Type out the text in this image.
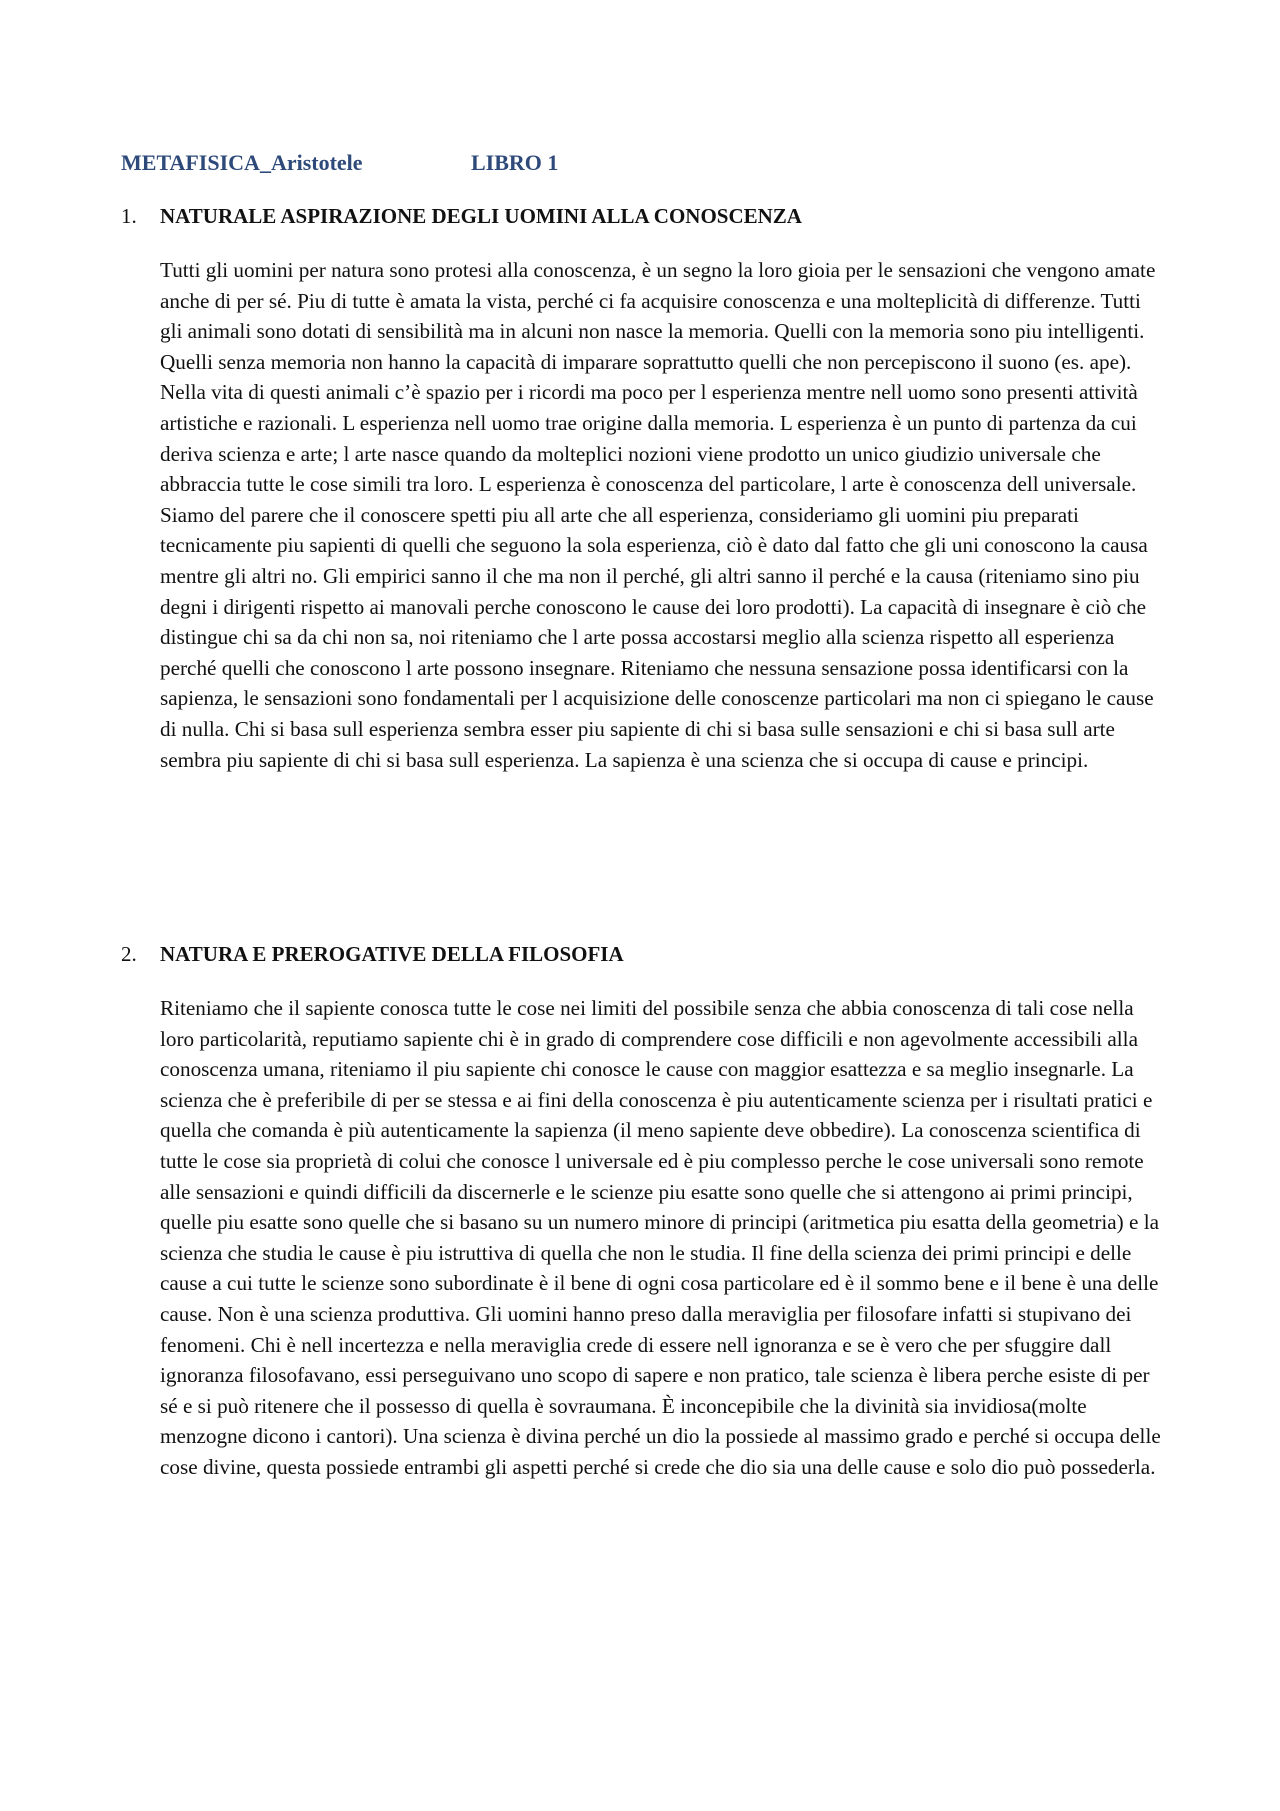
METAFISICA_Aristotele	LIBRO 1
1. NATURALE ASPIRAZIONE DEGLI UOMINI ALLA CONOSCENZA
Tutti gli uomini per natura sono protesi alla conoscenza, è un segno la loro gioia per le sensazioni che vengono amate anche di per sé. Piu di tutte è amata la vista, perché ci fa acquisire conoscenza e una molteplicità di differenze. Tutti gli animali sono dotati di sensibilità ma in alcuni non nasce la memoria. Quelli con la memoria sono piu intelligenti. Quelli senza memoria non hanno la capacità di imparare soprattutto quelli che non percepiscono il suono (es. ape). Nella vita di questi animali c’è spazio per i ricordi ma poco per l esperienza mentre nell uomo sono presenti attività artistiche e razionali. L esperienza nell uomo trae origine dalla memoria. L esperienza è un punto di partenza da cui deriva scienza e arte; l arte nasce quando da molteplici nozioni viene prodotto un unico giudizio universale che abbraccia tutte le cose simili tra loro. L esperienza è conoscenza del particolare, l arte è conoscenza dell universale. Siamo del parere che il conoscere spetti piu all arte che all esperienza, consideriamo gli uomini piu preparati tecnicamente piu sapienti di quelli che seguono la sola esperienza, ciò è dato dal fatto che gli uni conoscono la causa mentre gli altri no. Gli empirici sanno il che ma non il perché, gli altri sanno il perché e la causa (riteniamo sino piu degni i dirigenti rispetto ai manovali perche conoscono le cause dei loro prodotti). La capacità di insegnare è ciò che distingue chi sa da chi non sa, noi riteniamo che l arte possa accostarsi meglio alla scienza rispetto all esperienza perché quelli che conoscono l arte possono insegnare. Riteniamo che nessuna sensazione possa identificarsi con la sapienza, le sensazioni sono fondamentali per l acquisizione delle conoscenze particolari ma non ci spiegano le cause di nulla. Chi si basa sull esperienza sembra esser piu sapiente di chi si basa sulle sensazioni e chi si basa sull arte sembra piu sapiente di chi si basa sull esperienza. La sapienza è una scienza che si occupa di cause e principi.
2. NATURA E PREROGATIVE DELLA FILOSOFIA
Riteniamo che il sapiente conosca tutte le cose nei limiti del possibile senza che abbia conoscenza di tali cose nella loro particolarità, reputiamo sapiente chi è in grado di comprendere cose difficili e non agevolmente accessibili alla conoscenza umana, riteniamo il piu sapiente chi conosce le cause con maggior esattezza e sa meglio insegnarle. La scienza che è preferibile di per se stessa e ai fini della conoscenza è piu autenticamente scienza per i risultati pratici e quella che comanda è più autenticamente la sapienza (il meno sapiente deve obbedire). La conoscenza scientifica di tutte le cose sia proprietà di colui che conosce l universale ed è piu complesso perche le cose universali sono remote alle sensazioni e quindi difficili da discernerle e le scienze piu esatte sono quelle che si attengono ai primi principi, quelle piu esatte sono quelle che si basano su un numero minore di principi (aritmetica piu esatta della geometria) e la scienza che studia le cause è piu istruttiva di quella che non le studia. Il fine della scienza dei primi principi e delle cause a cui tutte le scienze sono subordinate è il bene di ogni cosa particolare ed è il sommo bene e il bene è una delle cause. Non è una scienza produttiva. Gli uomini hanno preso dalla meraviglia per filosofare infatti si stupivano dei fenomeni. Chi è nell incertezza e nella meraviglia crede di essere nell ignoranza e se è vero che per sfuggire dall ignoranza filosofavano, essi perseguivano uno scopo di sapere e non pratico, tale scienza è libera perche esiste di per sé e si può ritenere che il possesso di quella è sovraumana. È inconcepibile che la divinità sia invidiosa(molte menzogne dicono i cantori). Una scienza è divina perché un dio la possiede al massimo grado e perché si occupa delle cose divine, questa possiede entrambi gli aspetti perché si crede che dio sia una delle cause e solo dio può possederla.
